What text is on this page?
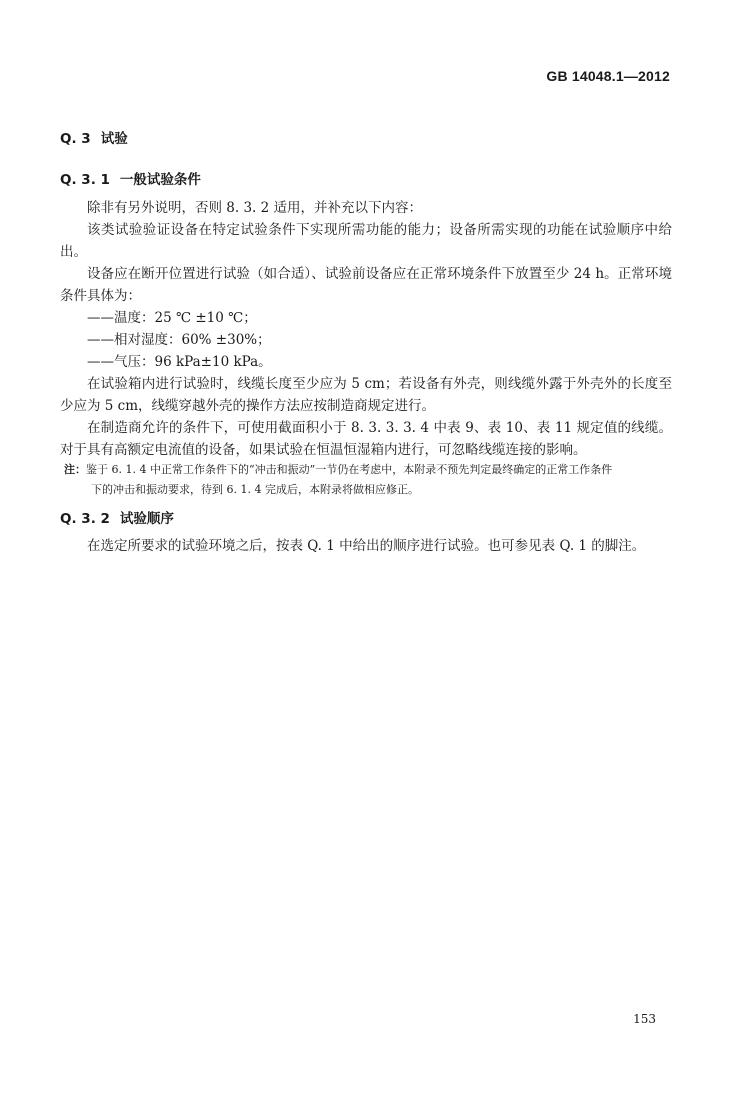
GB 14048.1—2012
Q. 3 试验
Q. 3. 1 一般试验条件

除非有另外说明，否则 8. 3. 2 适用，并补充以下内容：

该类试验验证设备在特定试验条件下实现所需功能的能力；设备所需实现的功能在试验顺序中给出。

设备应在断开位置进行试验（如合适）、试验前设备应在正常环境条件下放置至少 24 h。正常环境条件具体为：

——温度：25 ℃ ±10 ℃；
——相对湿度：60% ±30%；
——气压：96 kPa±10 kPa。

在试验箱内进行试验时，线缆长度至少应为 5 cm；若设备有外壳，则线缆外露于外壳外的长度至少应为 5 cm，线缆穿越外壳的操作方法应按制造商规定进行。

在制造商允许的条件下，可使用截面积小于 8. 3. 3. 3. 4 中表 9、表 10、表 11 规定值的线缆。对于具有高额定电流值的设备，如果试验在恒温恒湿箱内进行，可忽略线缆连接的影响。

注：鉴于 6. 1. 4 中正常工作条件下的“冲击和振动”一节仍在考虑中，本附录不预先判定最终确定的正常工作条件
下的冲击和振动要求，待到 6. 1. 4 完成后，本附录将做相应修正。
Q. 3. 2 试验顺序

在选定所要求的试验环境之后，按表 Q. 1 中给出的顺序进行试验。也可参见表 Q. 1 的脚注。

153
